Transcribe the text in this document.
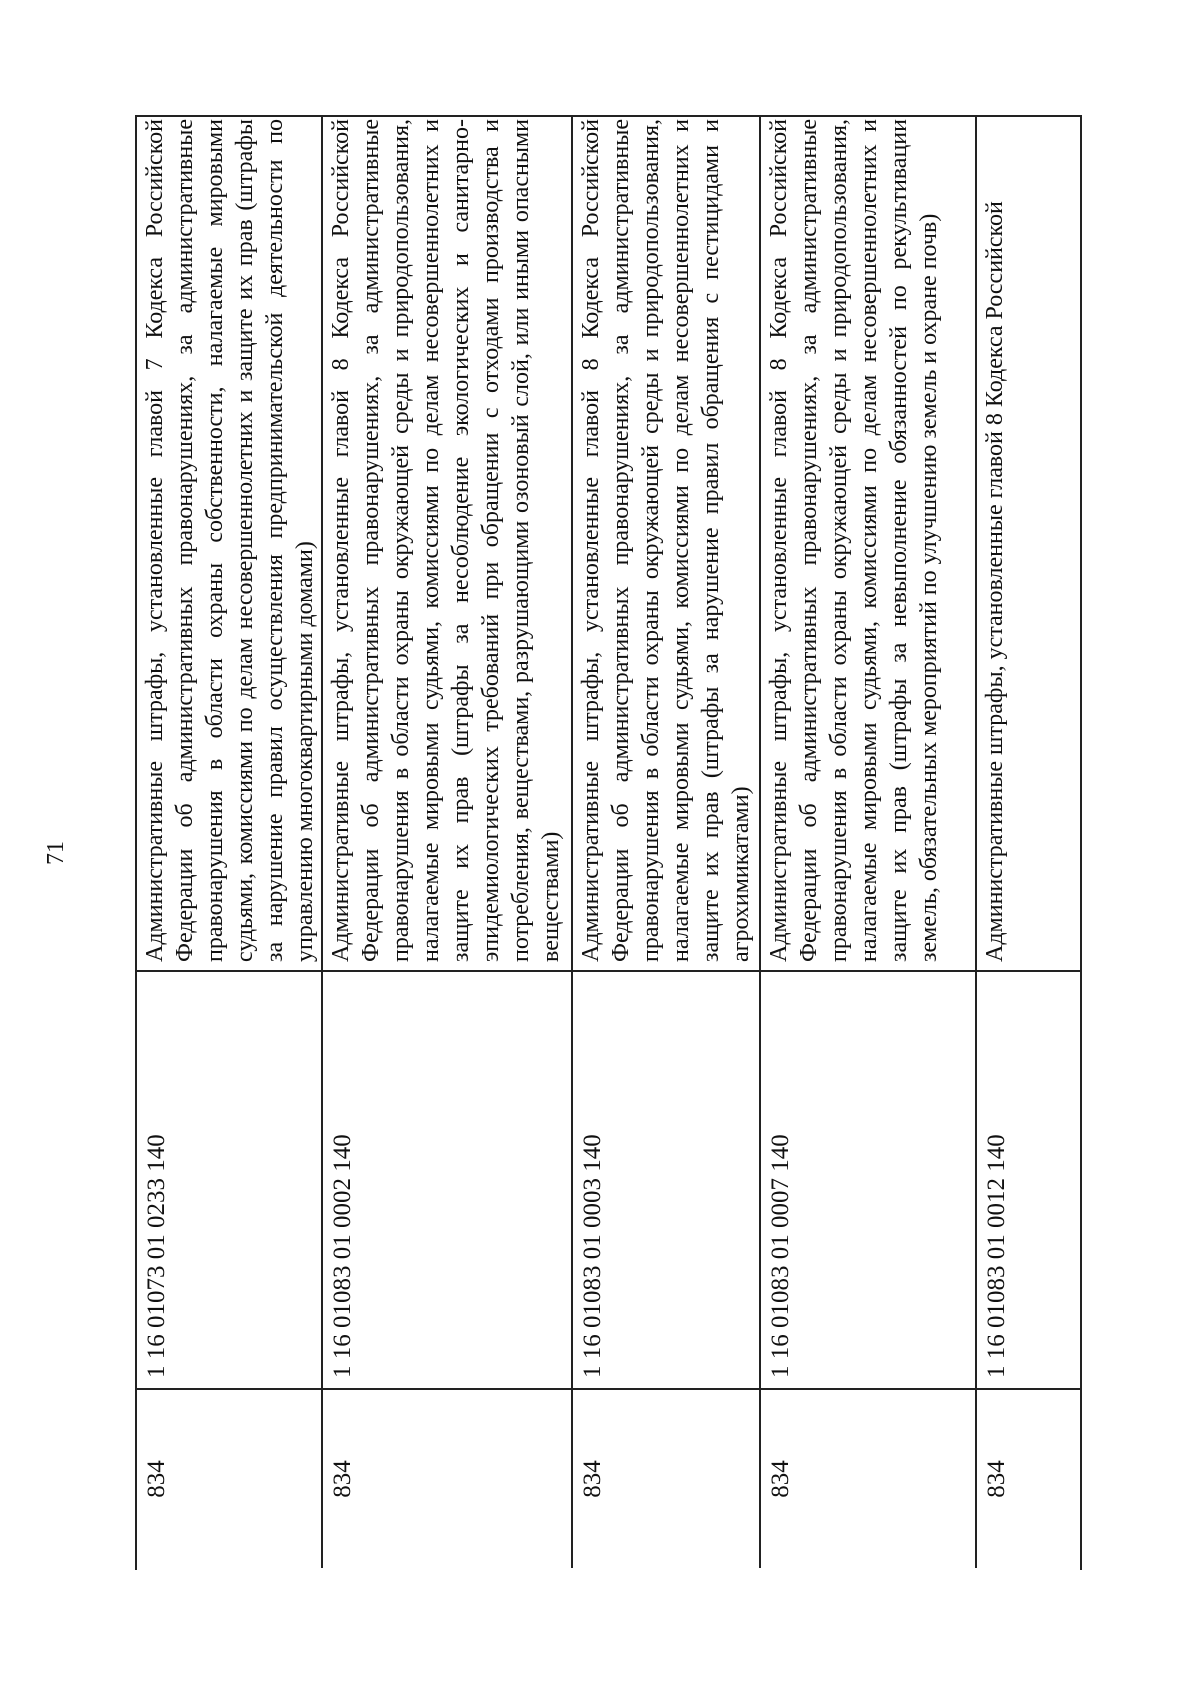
71
834
1 16 01073 01 0233 140
Административные штрафы, установленные главой 7 Кодекса Российской Федерации об административных правонарушениях, за административные правонарушения в области охраны собственности, налагаемые мировыми судьями, комиссиями по делам несовершеннолетних и защите их прав (штрафы за нарушение правил осуществления предпринимательской деятельности по управлению многоквартирными домами)
834
1 16 01083 01 0002 140
Административные штрафы, установленные главой 8 Кодекса Российской Федерации об административных правонарушениях, за административные правонарушения в области охраны окружающей среды и природопользования, налагаемые мировыми судьями, комиссиями по делам несовершеннолетних и защите их прав (штрафы за несоблюдение экологических и санитарно-эпидемиологических требований при обращении с отходами производства и потребления, веществами, разрушающими озоновый слой, или иными опасными веществами)
834
1 16 01083 01 0003 140
Административные штрафы, установленные главой 8 Кодекса Российской Федерации об административных правонарушениях, за административные правонарушения в области охраны окружающей среды и природопользования, налагаемые мировыми судьями, комиссиями по делам несовершеннолетних и защите их прав (штрафы за нарушение правил обращения с пестицидами и агрохимикатами)
834
1 16 01083 01 0007 140
Административные штрафы, установленные главой 8 Кодекса Российской Федерации об административных правонарушениях, за административные правонарушения в области охраны окружающей среды и природопользования, налагаемые мировыми судьями, комиссиями по делам несовершеннолетних и защите их прав (штрафы за невыполнение обязанностей по рекультивации земель, обязательных мероприятий по улучшению земель и охране почв)
834
1 16 01083 01 0012 140
Административные штрафы, установленные главой 8 Кодекса Российской
